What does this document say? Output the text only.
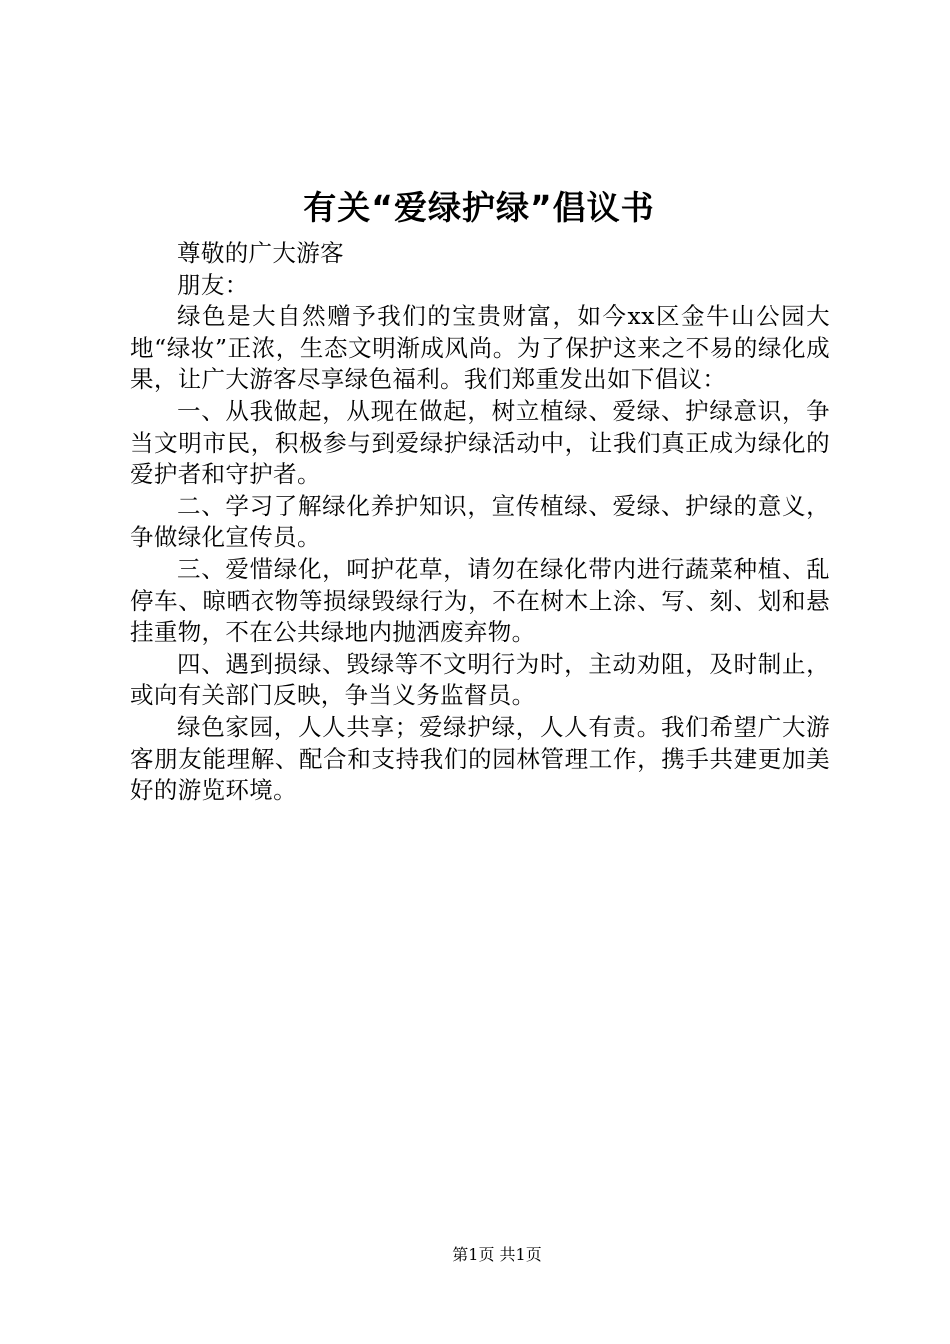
有关“爱绿护绿”倡议书

尊敬的广大游客

朋友：

绿色是大自然赠予我们的宝贵财富，如今xx区金牛山公园大地“绿妆”正浓，生态文明渐成风尚。为了保护这来之不易的绿化成果，让广大游客尽享绿色福利。我们郑重发出如下倡议：

一、从我做起，从现在做起，树立植绿、爱绿、护绿意识，争当文明市民，积极参与到爱绿护绿活动中，让我们真正成为绿化的爱护者和守护者。

二、学习了解绿化养护知识，宣传植绿、爱绿、护绿的意义，争做绿化宣传员。

三、爱惜绿化，呵护花草，请勿在绿化带内进行蔬菜种植、乱停车、晾晒衣物等损绿毁绿行为，不在树木上涂、写、刻、划和悬挂重物，不在公共绿地内抛洒废弃物。

四、遇到损绿、毁绿等不文明行为时，主动劝阻，及时制止，或向有关部门反映，争当义务监督员。

绿色家园，人人共享；爱绿护绿，人人有责。我们希望广大游客朋友能理解、配合和支持我们的园林管理工作，携手共建更加美好的游览环境。

第1页 共1页
